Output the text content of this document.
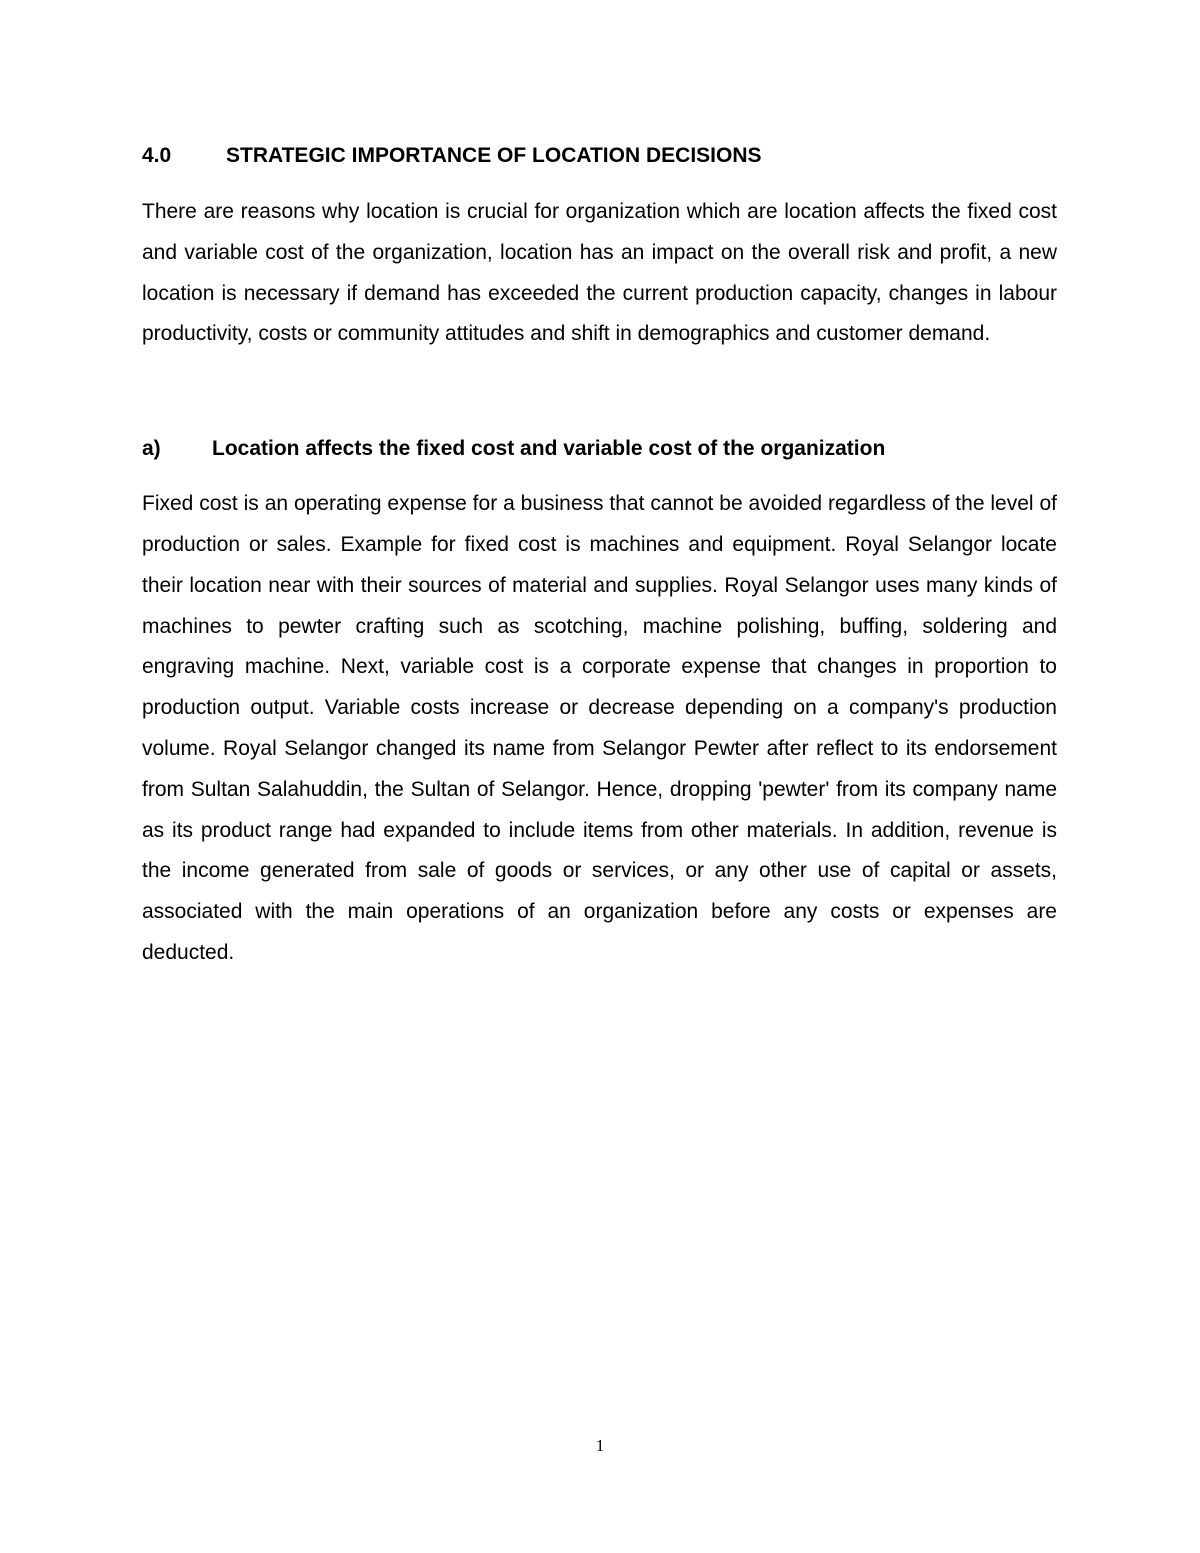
4.0	STRATEGIC IMPORTANCE OF LOCATION DECISIONS

There are reasons why location is crucial for organization which are location affects the fixed cost and variable cost of the organization, location has an impact on the overall risk and profit, a new location is necessary if demand has exceeded the current production capacity, changes in labour productivity, costs or community attitudes and shift in demographics and customer demand.

a)	Location affects the fixed cost and variable cost of the organization

Fixed cost is an operating expense for a business that cannot be avoided regardless of the level of production or sales. Example for fixed cost is machines and equipment. Royal Selangor locate their location near with their sources of material and supplies. Royal Selangor uses many kinds of machines to pewter crafting such as scotching, machine polishing, buffing, soldering and engraving machine. Next, variable cost is a corporate expense that changes in proportion to production output. Variable costs increase or decrease depending on a company's production volume. Royal Selangor changed its name from Selangor Pewter after reflect to its endorsement from Sultan Salahuddin, the Sultan of Selangor. Hence, dropping 'pewter' from its company name as its product range had expanded to include items from other materials. In addition, revenue is the income generated from sale of goods or services, or any other use of capital or assets, associated with the main operations of an organization before any costs or expenses are deducted.

1
